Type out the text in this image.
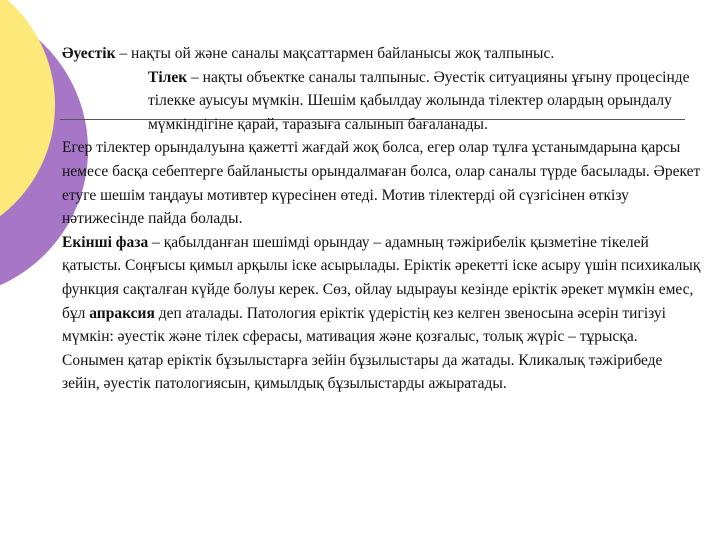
Әуестік – нақты ой және саналы мақсаттармен байланысы жоқ талпыныс.

Тілек – нақты объектке саналы талпыныс. Әуестік ситуацияны ұғыну процесінде тілекке ауысуы мүмкін. Шешім қабылдау жолында тілектер олардың орындалу мүмкіндігіне қарай, таразыға салынып бағаланады.

Егер тілектер орындалуына қажетті жағдай жоқ болса, егер олар тұлға ұстанымдарына қарсы немесе басқа себептерге байланысты орындалмаған болса, олар саналы түрде басылады. Әрекет етуге шешім таңдауы мотивтер күресінен өтеді. Мотив тілектерді ой сүзгісінен өткізу нәтижесінде пайда болады.

Екінші фаза – қабылданған шешімді орындау – адамның тәжірибелік қызметіне тікелей қатысты. Соңғысы қимыл арқылы іске асырылады. Еріктік әрекетті іске асыру үшін психикалық функция сақталған күйде болуы керек. Сөз, ойлау ыдырауы кезінде еріктік әрекет мүмкін емес, бұл апраксия деп аталады. Патология еріктік үдерістің кез келген звеносына әсерін тигізуі мүмкін: әуестік және тілек сферасы, мативация және қозғалыс, толық жүріс – тұрысқа. Сонымен қатар еріктік бұзылыстарға зейін бұзылыстары да жатады. Кликалық тәжірибеде зейін, әуестік патологиясын, қимылдық бұзылыстарды ажыратады.
